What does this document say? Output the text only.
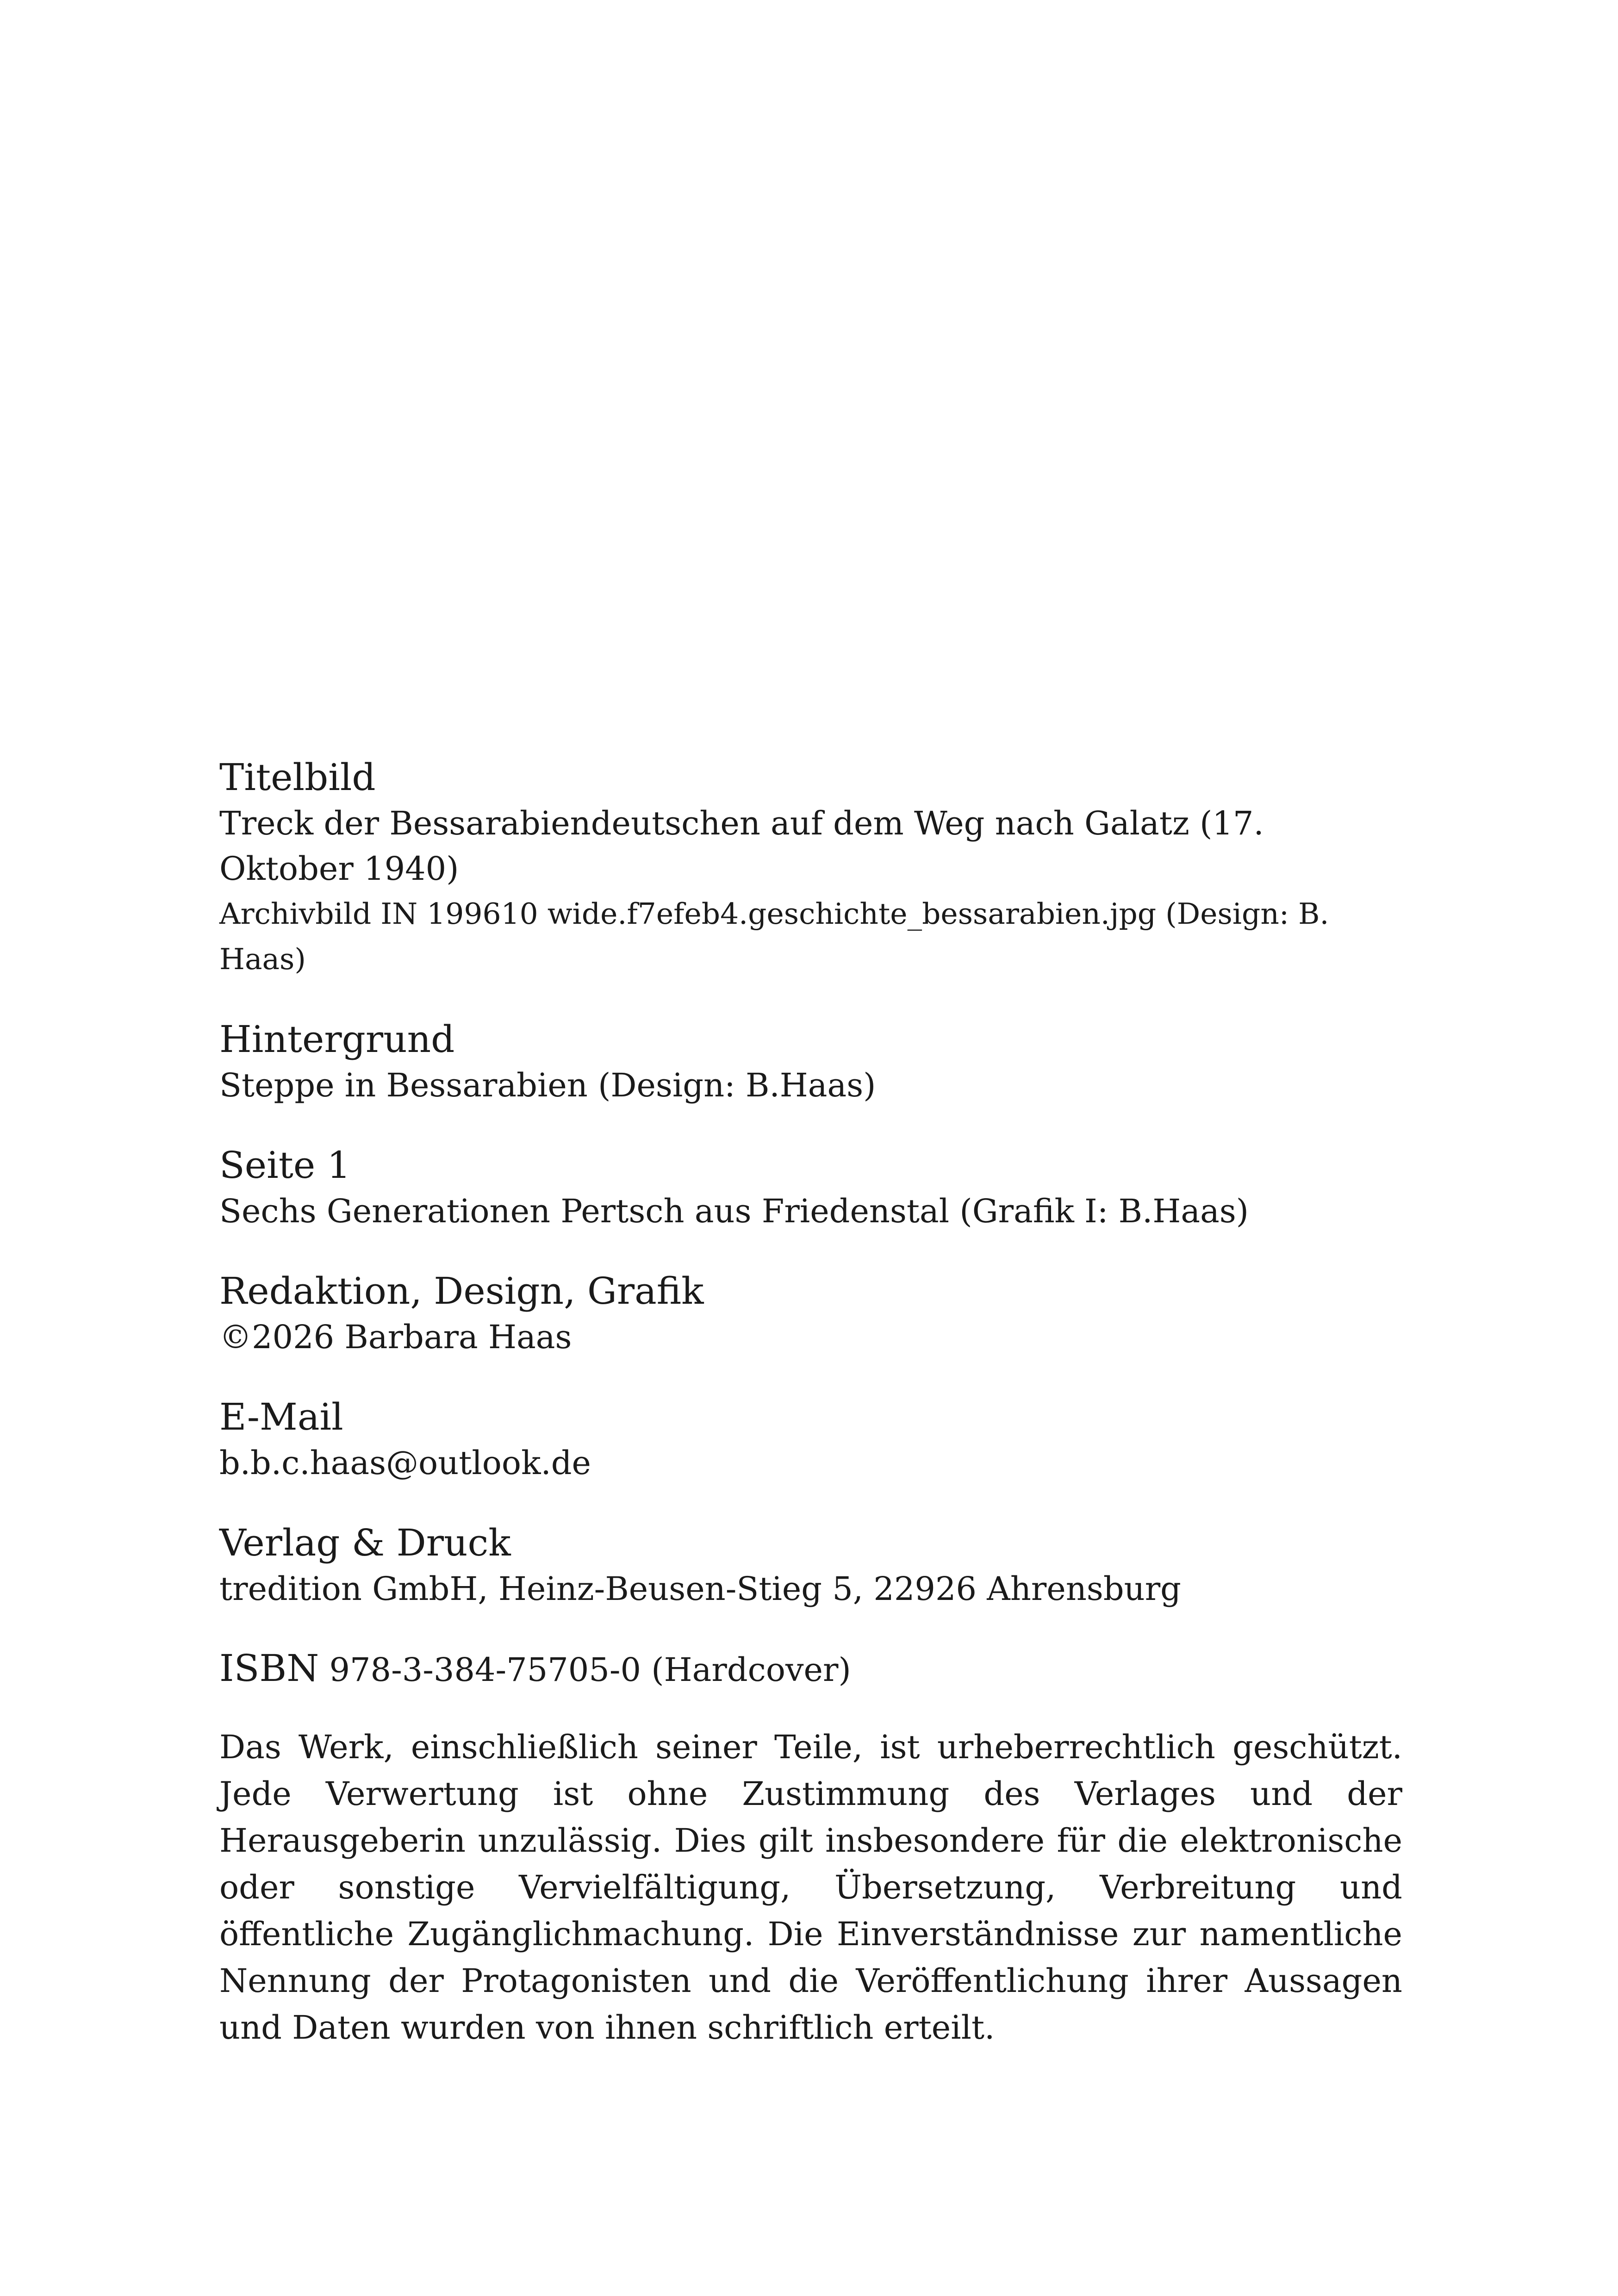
Titelbild

Treck der Bessarabiendeutschen auf dem Weg nach Galatz (17. Oktober 1940)

Archivbild IN 199610 wide.f7efeb4.geschichte_bessarabien.jpg (Design: B. Haas)

Hintergrund

Steppe in Bessarabien (Design: B.Haas)

Seite 1

Sechs Generationen Pertsch aus Friedenstal (Grafik I: B.Haas)

Redaktion, Design, Grafik

©2026 Barbara Haas

E-Mail

b.b.c.haas@outlook.de

Verlag & Druck

tredition GmbH, Heinz-Beusen-Stieg 5, 22926 Ahrensburg

ISBN 978-3-384-75705-0 (Hardcover)

Das Werk, einschließlich seiner Teile, ist urheberrechtlich geschützt. Jede Verwertung ist ohne Zustimmung des Verlages und der Herausgeberin unzulässig. Dies gilt insbesondere für die elektronische oder sonstige Vervielfältigung, Übersetzung, Verbreitung und öffentliche Zugänglichmachung. Die Einverständnisse zur namentliche Nennung der Protagonisten und die Veröffentlichung ihrer Aussagen und Daten wurden von ihnen schriftlich erteilt.
